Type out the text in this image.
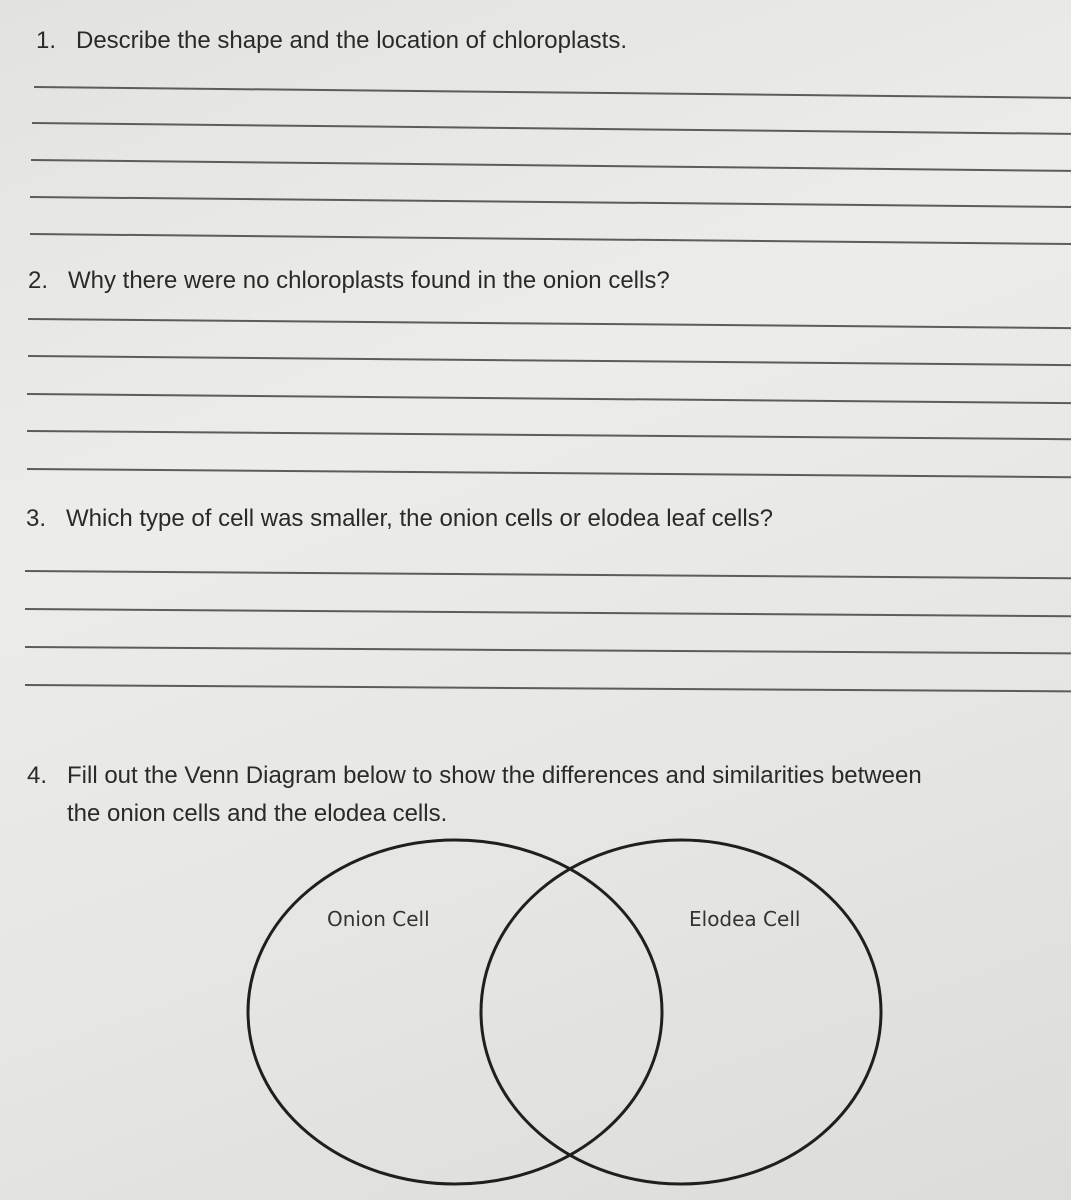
1. Describe the shape and the location of chloroplasts.
2. Why there were no chloroplasts found in the onion cells?
3. Which type of cell was smaller, the onion cells or elodea leaf cells?
4. Fill out the Venn Diagram below to show the differences and similarities between
the onion cells and the elodea cells.
Onion Cell	Elodea Cell
